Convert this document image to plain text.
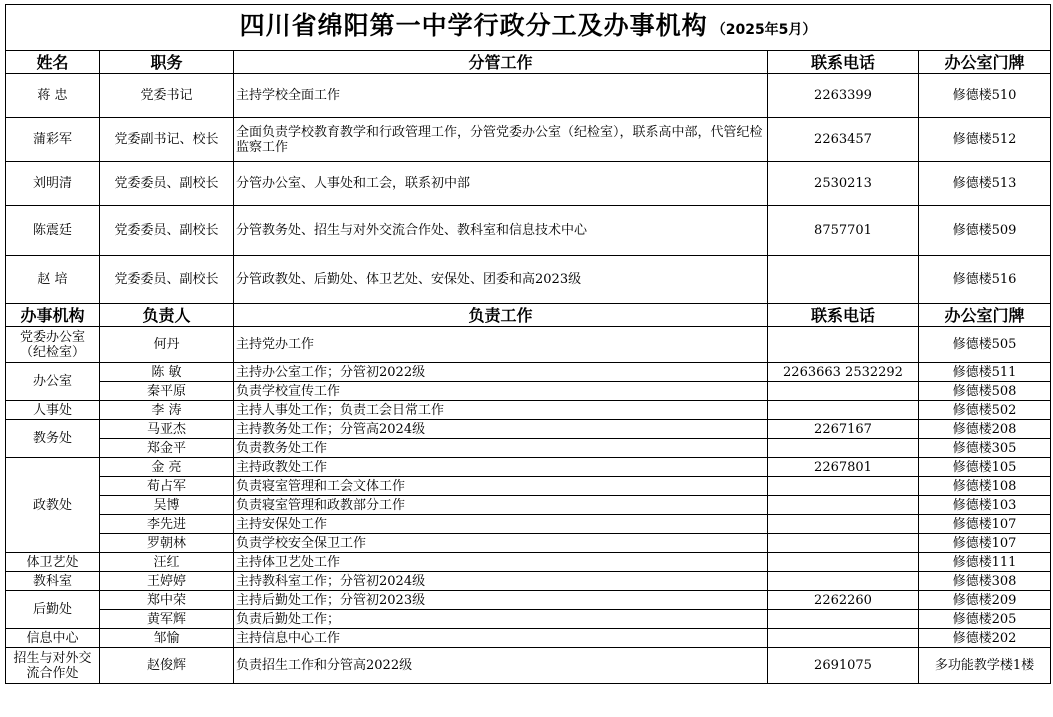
四川省绵阳第一中学行政分工及办事机构 （2025年5月）				
姓名	职务	分管工作	联系电话	办公室门牌
蒋 忠	党委书记	主持学校全面工作	2263399	修德楼510
蒲彩军	党委副书记、校长	全面负责学校教育教学和行政管理工作，分管党委办公室（纪检室），联系高中部，代管纪检监察工作	2263457	修德楼512
刘明清	党委委员、副校长	分管办公室、人事处和工会，联系初中部	2530213	修德楼513
陈震廷	党委委员、副校长	分管教务处、招生与对外交流合作处、教科室和信息技术中心	8757701	修德楼509
赵 培	党委委员、副校长	分管政教处、后勤处、体卫艺处、安保处、团委和高2023级		修德楼516
办事机构	负责人	负责工作	联系电话	办公室门牌
党委办公室（纪检室）	何丹	主持党办工作		修德楼505
办公室	陈 敏	主持办公室工作；分管初2022级	2263663 2532292	修德楼511
	秦平原	负责学校宣传工作		修德楼508
人事处	李 涛	主持人事处工作；负责工会日常工作		修德楼502
教务处	马亚杰	主持教务处工作；分管高2024级	2267167	修德楼208
	郑金平	负责教务处工作		修德楼305
政教处	金 亮	主持政教处工作	2267801	修德楼105
	荀占军	负责寝室管理和工会文体工作		修德楼108
	吴博	负责寝室管理和政教部分工作		修德楼103
	李先进	主持安保处工作		修德楼107
	罗朝林	负责学校安全保卫工作		修德楼107
体卫艺处	汪红	主持体卫艺处工作		修德楼111
教科室	王婷婷	主持教科室工作；分管初2024级		修德楼308
后勤处	郑中荣	主持后勤处工作；分管初2023级	2262260	修德楼209
	黄军辉	负责后勤处工作；		修德楼205
信息中心	邹愉	主持信息中心工作		修德楼202
招生与对外交流合作处	赵俊辉	负责招生工作和分管高2022级	2691075	多功能教学楼1楼
